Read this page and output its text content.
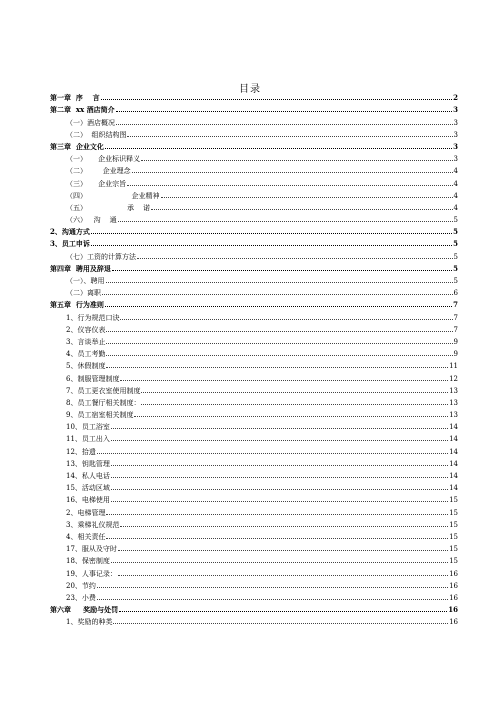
目录
第一章  序    言	2
第二章  xx 酒店简介	3
（一）酒店概况	3
（二）  组织结构图	3
第三章  企业文化	3
（一）     企业标识释义	3
（二）       企业理念	4
（三）     企业宗旨	4
（四）                    企业精神	4
（五）                  承    诺	4
（六）   沟    通	5
2、沟通方式	5
3、员工申诉	5
（七）工资的计算方法	5
第四章  聘用及辞退	5
（一）、聘用	5
（二）离职	6
第五章  行为准则	7
1、行为规范口诀	7
2、仪容仪表	7
3、言谈举止	9
4、员工考勤	9
5、休假制度	11
6、制服管理制度	12
7、员工更衣室使用制度	13
8、员工餐厅相关制度：	13
9、员工宿室相关制度	13
10、员工浴室	14
11、员工出入	14
12、拾遗	14
13、钥匙管理	14
14、私人电话	14
15、活动区域	14
16、电梯使用	15
2、电梯管理	15
3、乘梯礼仪规范	15
4、相关责任	15
17、服从及守时	15
18、保密制度	15
19、人事记录：	16
20、节约	16
23、小费	16
第六章     奖励与处罚	16
1、奖励的种类	16
